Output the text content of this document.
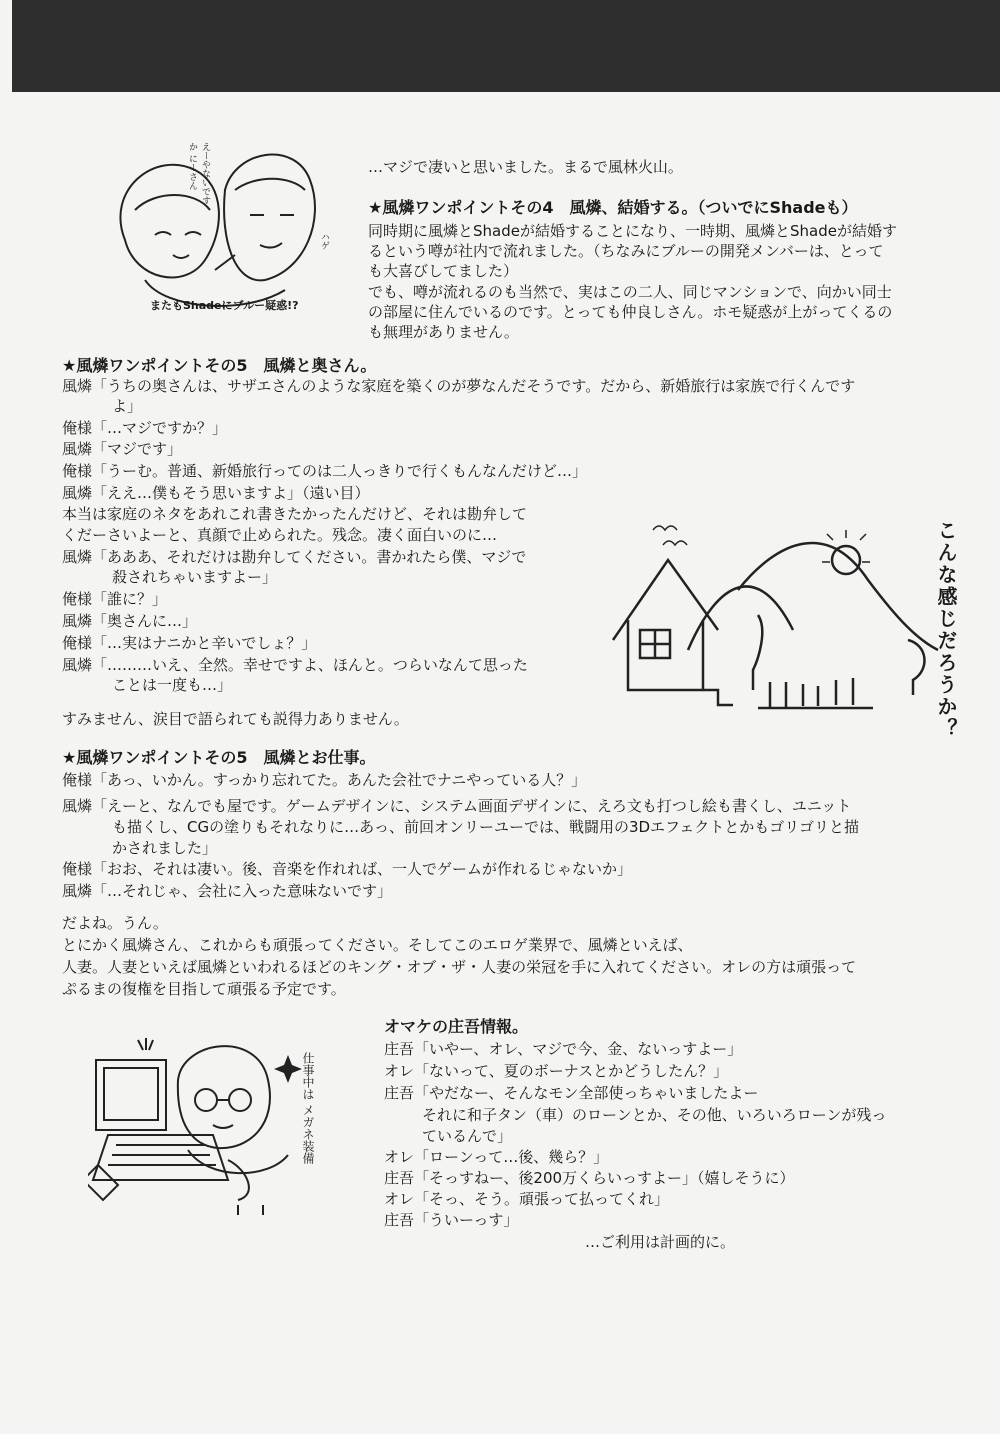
またもShadeにブルー疑惑!?
えーやないですか にーさん
ハゲ
…マジで凄いと思いました。まるで風林火山。
★風燐ワンポイントその4　風燐、結婚する。（ついでにShadeも）
同時期に風燐とShadeが結婚することになり、一時期、風燐とShadeが結婚す
るという噂が社内で流れました。（ちなみにブルーの開発メンバーは、とって
も大喜びしてました）
でも、噂が流れるのも当然で、実はこの二人、同じマンションで、向かい同士
の部屋に住んでいるのです。とっても仲良しさん。ホモ疑惑が上がってくるの
も無理がありません。
★風燐ワンポイントその5　風燐と奥さん。
風燐「うちの奥さんは、サザエさんのような家庭を築くのが夢なんだそうです。だから、新婚旅行は家族で行くんです
よ」
俺様「…マジですか？」
風燐「マジです」
俺様「うーむ。普通、新婚旅行ってのは二人っきりで行くもんなんだけど…」
風燐「ええ…僕もそう思いますよ」（遠い目）
本当は家庭のネタをあれこれ書きたかったんだけど、それは勘弁して
くだーさいよーと、真顔で止められた。残念。凄く面白いのに…
風燐「あああ、それだけは勘弁してください。書かれたら僕、マジで
殺されちゃいますよー」
俺様「誰に？」
風燐「奥さんに…」
俺様「…実はナニかと辛いでしょ？」
風燐「………いえ、全然。幸せですよ、ほんと。つらいなんて思った
ことは一度も…」
すみません、涙目で語られても説得力ありません。	こんな感じだろうか？
★風燐ワンポイントその5　風燐とお仕事。
俺様「あっ、いかん。すっかり忘れてた。あんた会社でナニやっている人？」
風燐「えーと、なんでも屋です。ゲームデザインに、システム画面デザインに、えろ文も打つし絵も書くし、ユニット
も描くし、CGの塗りもそれなりに…あっ、前回オンリーユーでは、戦闘用の3Dエフェクトとかもゴリゴリと描
かされました」
俺様「おお、それは凄い。後、音楽を作れれば、一人でゲームが作れるじゃないか」
風燐「…それじゃ、会社に入った意味ないです」
だよね。うん。
とにかく風燐さん、これからも頑張ってください。そしてこのエロゲ業界で、風燐といえば、
人妻。人妻といえば風燐といわれるほどのキング・オブ・ザ・人妻の栄冠を手に入れてください。オレの方は頑張って
ぷるまの復権を目指して頑張る予定です。
仕事中は メガネ装備
オマケの庄吾情報。
庄吾「いやー、オレ、マジで今、金、ないっすよー」
オレ「ないって、夏のボーナスとかどうしたん？」
庄吾「やだなー、そんなモン全部使っちゃいましたよー
それに和子タン（車）のローンとか、その他、いろいろローンが残っ
ているんで」
オレ「ローンって…後、幾ら？」
庄吾「そっすねー、後200万くらいっすよー」（嬉しそうに）
オレ「そっ、そう。頑張って払ってくれ」
庄吾「ういーっす」
…ご利用は計画的に。
